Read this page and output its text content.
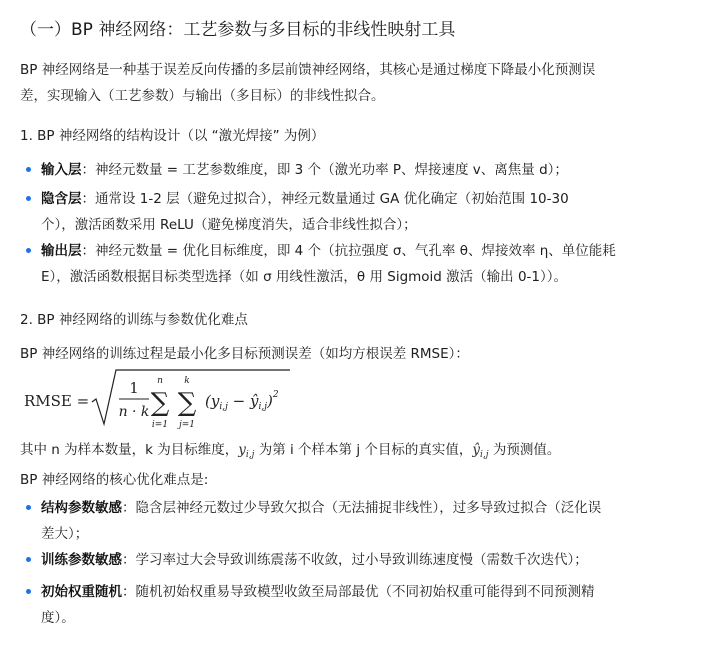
（一）BP 神经网络：工艺参数与多目标的非线性映射工具
BP 神经网络是一种基于误差反向传播的多层前馈神经网络，其核心是通过梯度下降最小化预测误
差，实现输入（工艺参数）与输出（多目标）的非线性拟合。
1. BP 神经网络的结构设计（以 “激光焊接” 为例）
输入层：神经元数量 = 工艺参数维度，即 3 个（激光功率 P、焊接速度 v、离焦量 d）；
隐含层：通常设 1-2 层（避免过拟合），神经元数量通过 GA 优化确定（初始范围 10-30
个），激活函数采用 ReLU（避免梯度消失，适合非线性拟合）；
输出层：神经元数量 = 优化目标维度，即 4 个（抗拉强度 σ、气孔率 θ、焊接效率 η、单位能耗
E），激活函数根据目标类型选择（如 σ 用线性激活，θ 用 Sigmoid 激活（输出 0-1））。
2. BP 神经网络的训练与参数优化难点
BP 神经网络的训练过程是最小化多目标预测误差（如均方根误差 RMSE）：
RMSE =
1
n · k
n
∑
i=1
k
∑
j=1
($y_{i,j}$ − $ŷ_{i,j})^2$
其中 n 为样本数量，k 为目标维度，$y_{i,j}$ 为第 i 个样本第 j 个目标的真实值，$ŷ_{i,j}$ 为预测值。
BP 神经网络的核心优化难点是:
结构参数敏感：隐含层神经元数过少导致欠拟合（无法捕捉非线性），过多导致过拟合（泛化误
差大）；
训练参数敏感：学习率过大会导致训练震荡不收敛，过小导致训练速度慢（需数千次迭代）；
初始权重随机：随机初始权重易导致模型收敛至局部最优（不同初始权重可能得到不同预测精
度）。
